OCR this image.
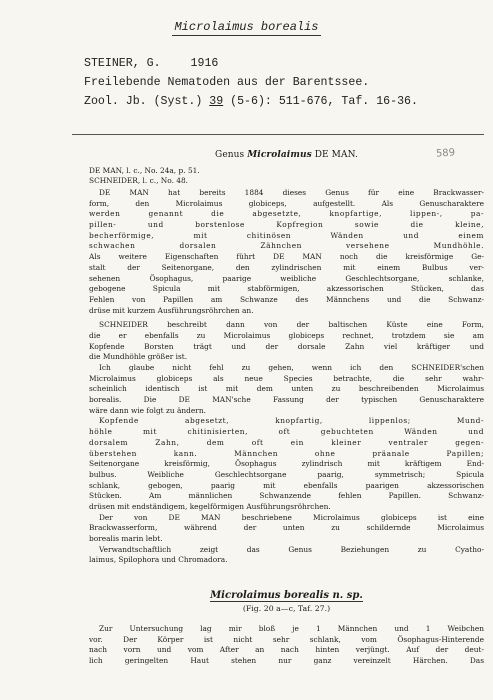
Microlaimus borealis
STEINER, G.	1916
Freilebende Nematoden aus der Barentssee.
Zool. Jb. (Syst.) 39 (5-6): 511-676, Taf. 16-36.
Genus Microlaimus DE MAN.	589
DE MAN, l. c., No. 24a, p. 51.
SCHNEIDER, l. c., No. 48.
DE MAN hat bereits 1884 dieses Genus für eine Brackwasser-
form, den Microlaimus globiceps, aufgestellt. Als Genuscharaktere
werden genannt die abgesetzte, knopfartige, lippen-, pa-
pillen- und borstenlose Kopfregion sowie die kleine,
becherförmige, mit chitinösen Wänden und einem
schwachen dorsalen Zähnchen versehene Mundhöhle.
Als weitere Eigenschaften führt DE MAN noch die kreisförmige Ge-
stalt der Seitenorgane, den zylindrischen mit einem Bulbus ver-
sehenen Ösophagus, paarige weibliche Geschlechtsorgane, schlanke,
gebogene Spicula mit stabförmigen, akzessorischen Stücken, das
Fehlen von Papillen am Schwanze des Männchens und die Schwanz-
drüse mit kurzem Ausführungsröhrchen an.
SCHNEIDER beschreibt dann von der baltischen Küste eine Form,
die er ebenfalls zu Microlaimus globiceps rechnet, trotzdem sie am
Kopfende Borsten trägt und der dorsale Zahn viel kräftiger und
die Mundhöhle größer ist.
Ich glaube nicht fehl zu gehen, wenn ich den SCHNEIDER'schen
Microlaimus globiceps als neue Species betrachte, die sehr wahr-
scheinlich identisch ist mit dem unten zu beschreibenden Microlaimus
borealis. Die DE MAN'sche Fassung der typischen Genuscharaktere
wäre dann wie folgt zu ändern.
Kopfende abgesetzt, knopfartig, lippenlos; Mund-
höhle mit chitinisierten, oft gebuchteten Wänden und
dorsalem Zahn, dem oft ein kleiner ventraler gegen-
überstehen kann. Männchen ohne präanale Papillen;
Seitenorgane kreisförmig, Ösophagus zylindrisch mit kräftigem End-
bulbus. Weibliche Geschlechtsorgane paarig, symmetrisch; Spicula
schlank, gebogen, paarig mit ebenfalls paarigen akzessorischen
Stücken. Am männlichen Schwanzende fehlen Papillen. Schwanz-
drüsen mit endständigem, kegelförmigen Ausführungsröhrchen.
Der von DE MAN beschriebene Microlaimus globiceps ist eine
Brackwasserform, während der unten zu schildernde Microlaimus
borealis marin lebt.
Verwandtschaftlich zeigt das Genus Beziehungen zu Cyatho-
laimus, Spilophora und Chromadora.
Microlaimus borealis n. sp.
(Fig. 20 a—c, Taf. 27.)
Zur Untersuchung lag mir bloß je 1 Männchen und 1 Weibchen
vor. Der Körper ist nicht sehr schlank, vom Ösophagus-Hinterende
nach vorn und vom After an nach hinten verjüngt. Auf der deut-
lich geringelten Haut stehen nur ganz vereinzelt Härchen. Das
